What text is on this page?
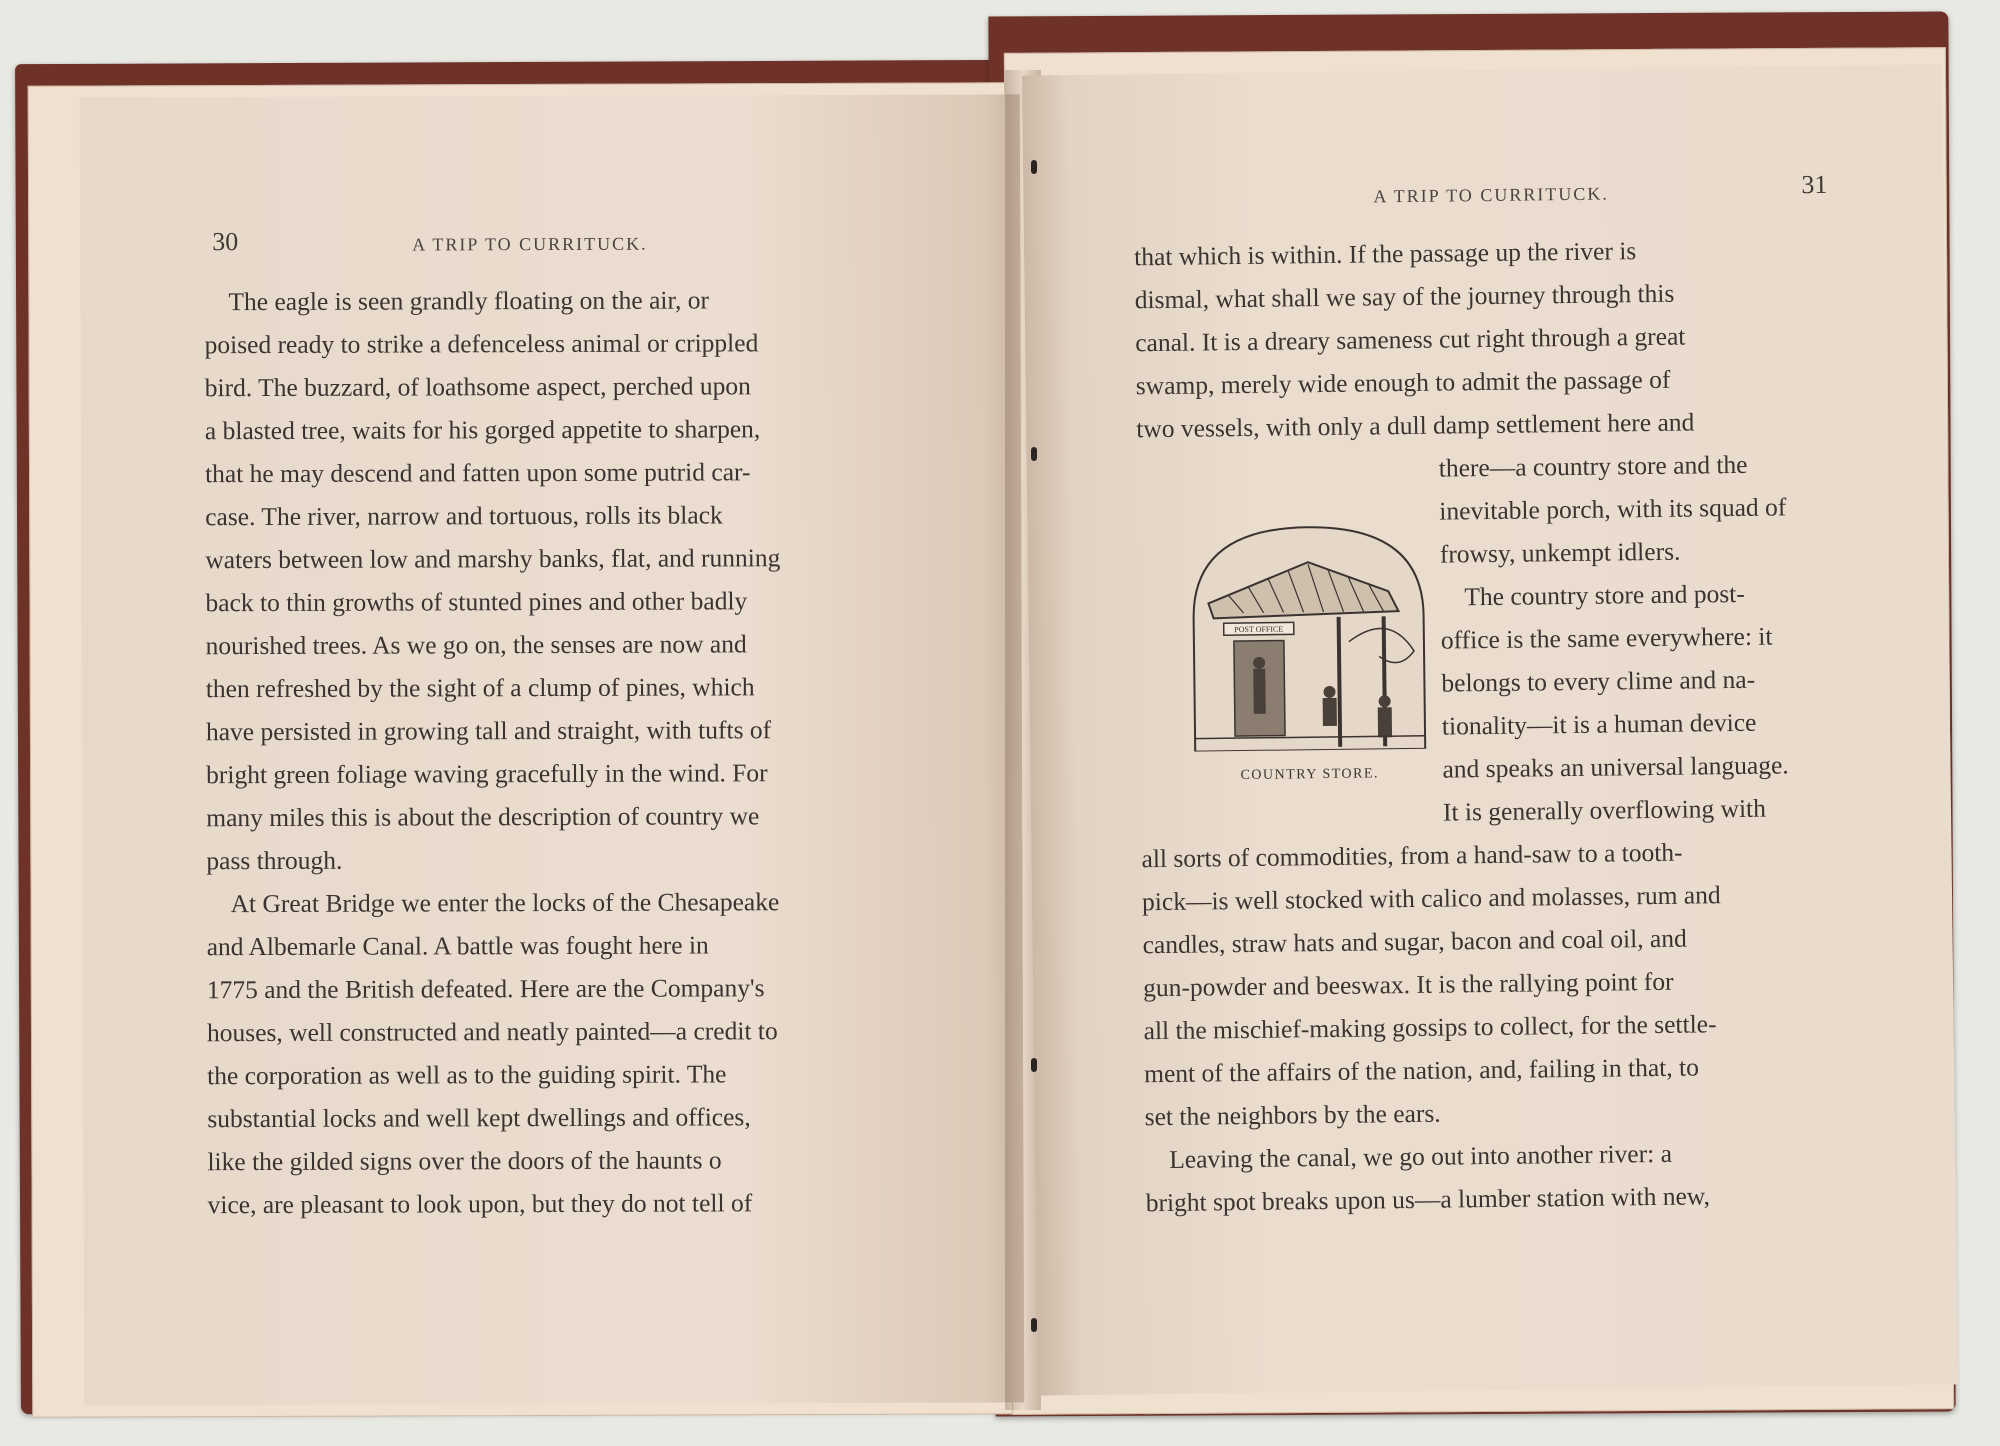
30	A TRIP TO CURRITUCK.
The eagle is seen grandly floating on the air, or
poised ready to strike a defenceless animal or crippled
bird. The buzzard, of loathsome aspect, perched upon
a blasted tree, waits for his gorged appetite to sharpen,
that he may descend and fatten upon some putrid car-
case. The river, narrow and tortuous, rolls its black
waters between low and marshy banks, flat, and running
back to thin growths of stunted pines and other badly
nourished trees. As we go on, the senses are now and
then refreshed by the sight of a clump of pines, which
have persisted in growing tall and straight, with tufts of
bright green foliage waving gracefully in the wind. For
many miles this is about the description of country we
pass through.
At Great Bridge we enter the locks of the Chesapeake
and Albemarle Canal. A battle was fought here in
1775 and the British defeated. Here are the Company's
houses, well constructed and neatly painted—a credit to
the corporation as well as to the guiding spirit. The
substantial locks and well kept dwellings and offices,
like the gilded signs over the doors of the haunts o
vice, are pleasant to look upon, but they do not tell of
A TRIP TO CURRITUCK.	31
that which is within. If the passage up the river is
dismal, what shall we say of the journey through this
canal. It is a dreary sameness cut right through a great
swamp, merely wide enough to admit the passage of
two vessels, with only a dull damp settlement here and
there—a country store and the
inevitable porch, with its squad of
frowsy, unkempt idlers.
The country store and post-
office is the same everywhere: it
belongs to every clime and na-
tionality—it is a human device
and speaks an universal language.
It is generally overflowing with
all sorts of commodities, from a hand-saw to a tooth-
pick—is well stocked with calico and molasses, rum and
candles, straw hats and sugar, bacon and coal oil, and
gun-powder and beeswax. It is the rallying point for
all the mischief-making gossips to collect, for the settle-
ment of the affairs of the nation, and, failing in that, to
set the neighbors by the ears.
Leaving the canal, we go out into another river: a
bright spot breaks upon us—a lumber station with new,
POST OFFICE
COUNTRY STORE.
